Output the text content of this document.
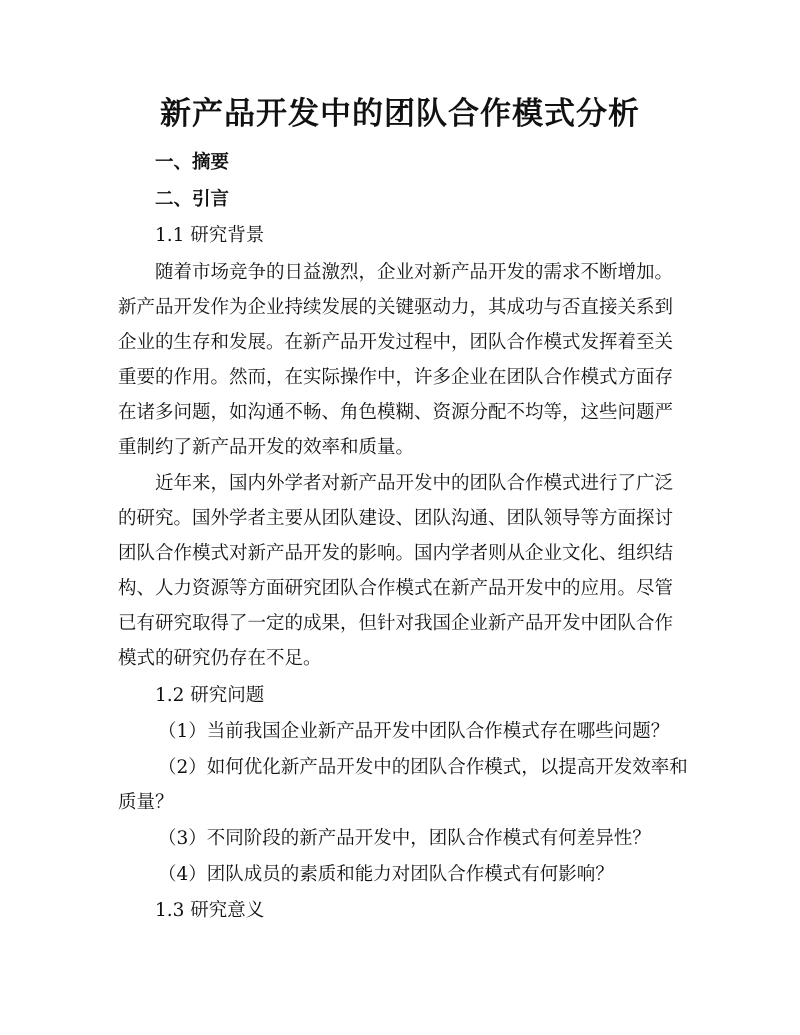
新产品开发中的团队合作模式分析

一、摘要

二、引言

1.1 研究背景

随着市场竞争的日益激烈，企业对新产品开发的需求不断增加。

新产品开发作为企业持续发展的关键驱动力，其成功与否直接关系到

企业的生存和发展。在新产品开发过程中，团队合作模式发挥着至关

重要的作用。然而，在实际操作中，许多企业在团队合作模式方面存

在诸多问题，如沟通不畅、角色模糊、资源分配不均等，这些问题严

重制约了新产品开发的效率和质量。

近年来，国内外学者对新产品开发中的团队合作模式进行了广泛

的研究。国外学者主要从团队建设、团队沟通、团队领导等方面探讨

团队合作模式对新产品开发的影响。国内学者则从企业文化、组织结

构、人力资源等方面研究团队合作模式在新产品开发中的应用。尽管

已有研究取得了一定的成果，但针对我国企业新产品开发中团队合作

模式的研究仍存在不足。

1.2 研究问题

（1）当前我国企业新产品开发中团队合作模式存在哪些问题？

（2）如何优化新产品开发中的团队合作模式，以提高开发效率和

质量？

（3）不同阶段的新产品开发中，团队合作模式有何差异性？

（4）团队成员的素质和能力对团队合作模式有何影响？

1.3 研究意义
